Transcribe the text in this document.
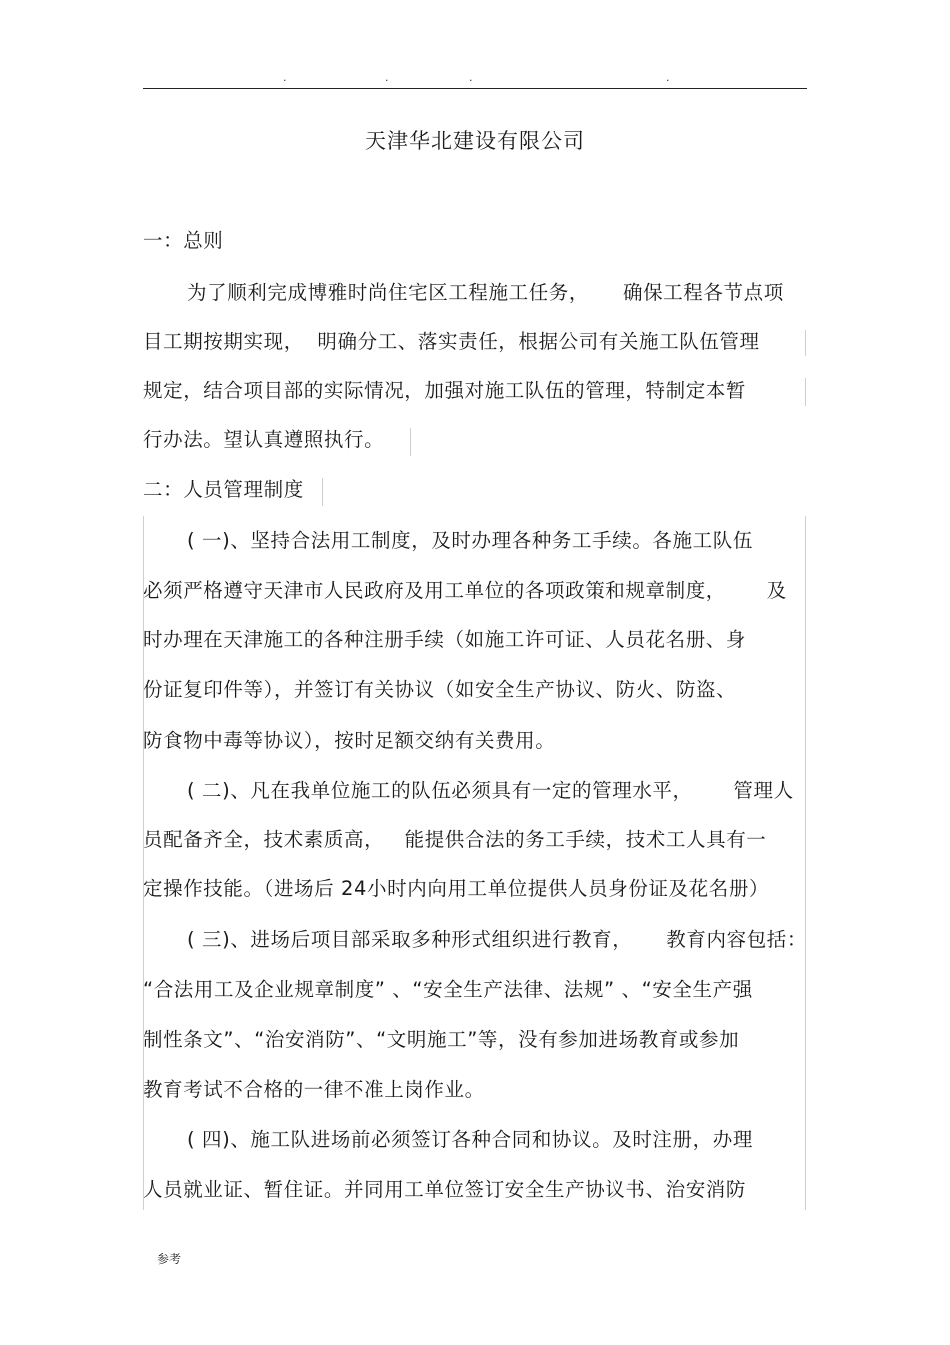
.	.	.	.
天津华北建设有限公司

一：总则

为了顺利完成博雅时尚住宅区工程施工任务，     确保工程各节点项

目工期按期实现，  明确分工、落实责任，根据公司有关施工队伍管理

规定，结合项目部的实际情况，加强对施工队伍的管理，特制定本暂

行办法。望认真遵照执行。

二：人员管理制度

( 一)、坚持合法用工制度，及时办理各种务工手续。各施工队伍

必须严格遵守天津市人民政府及用工单位的各项政策和规章制度，      及

时办理在天津施工的各种注册手续（如施工许可证、人员花名册、身

份证复印件等），并签订有关协议（如安全生产协议、防火、防盗、

防食物中毒等协议），按时足额交纳有关费用。

( 二)、凡在我单位施工的队伍必须具有一定的管理水平，      管理人

员配备齐全，技术素质高，   能提供合法的务工手续，技术工人具有一

定操作技能。（进场后 24小时内向用工单位提供人员身份证及花名册）

( 三)、进场后项目部采取多种形式组织进行教育，     教育内容包括：

“合法用工及企业规章制度” 、“安全生产法律、法规” 、“安全生产强

制性条文”、“治安消防”、“文明施工”等，没有参加进场教育或参加

教育考试不合格的一律不准上岗作业。

( 四)、施工队进场前必须签订各种合同和协议。及时注册，办理

人员就业证、暂住证。并同用工单位签订安全生产协议书、治安消防

参考
